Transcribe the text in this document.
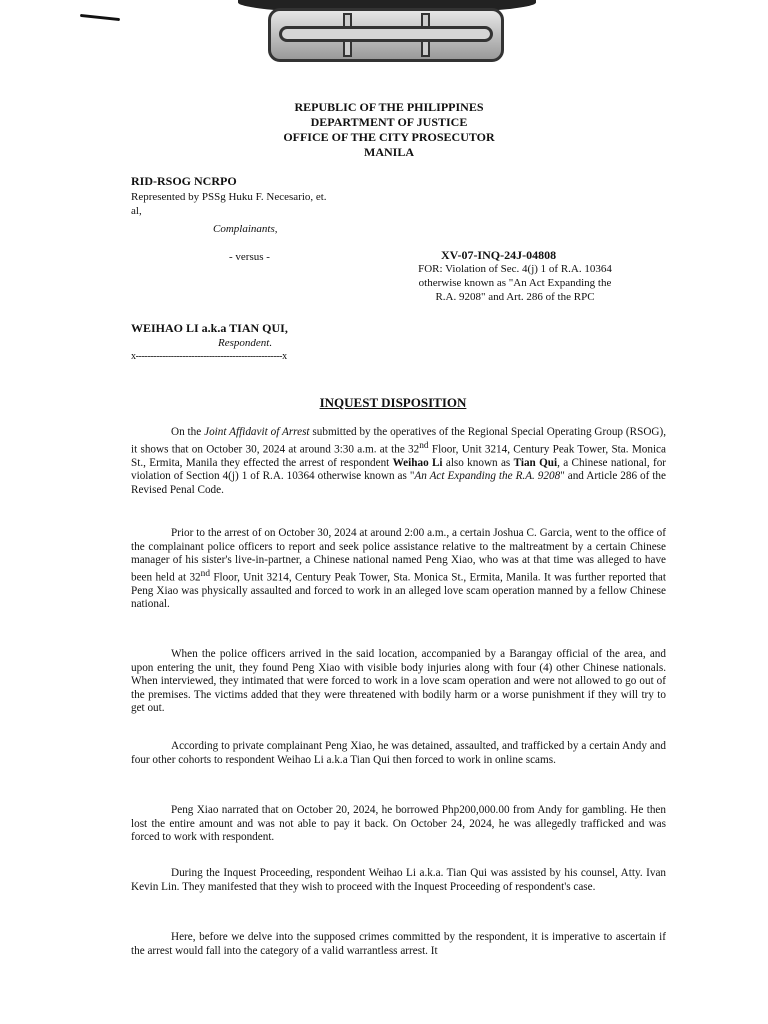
REPUBLIC OF THE PHILIPPINES
DEPARTMENT OF JUSTICE
OFFICE OF THE CITY PROSECUTOR
MANILA
RID-RSOG NCRPO
Represented by PSSg Huku F. Necesario, et.
al,
Complainants,
- versus -	XV-07-INQ-24J-04808
FOR: Violation of Sec. 4(j) 1 of R.A. 10364
otherwise known as "An Act Expanding the
R.A. 9208" and Art. 286 of the RPC
WEIHAO LI a.k.a TIAN QUI,
Respondent.
x--------------------------------------------------x
INQUEST DISPOSITION
On the Joint Affidavit of Arrest submitted by the operatives of the Regional Special Operating Group (RSOG), it shows that on October 30, 2024 at around 3:30 a.m. at the 32nd Floor, Unit 3214, Century Peak Tower, Sta. Monica St., Ermita, Manila they effected the arrest of respondent Weihao Li also known as Tian Qui, a Chinese national, for violation of Section 4(j) 1 of R.A. 10364 otherwise known as "An Act Expanding the R.A. 9208" and Article 286 of the Revised Penal Code.
Prior to the arrest of on October 30, 2024 at around 2:00 a.m., a certain Joshua C. Garcia, went to the office of the complainant police officers to report and seek police assistance relative to the maltreatment by a certain Chinese manager of his sister's live-in-partner, a Chinese national named Peng Xiao, who was at that time was alleged to have been held at 32nd Floor, Unit 3214, Century Peak Tower, Sta. Monica St., Ermita, Manila. It was further reported that Peng Xiao was physically assaulted and forced to work in an alleged love scam operation manned by a fellow Chinese national.
When the police officers arrived in the said location, accompanied by a Barangay official of the area, and upon entering the unit, they found Peng Xiao with visible body injuries along with four (4) other Chinese nationals. When interviewed, they intimated that were forced to work in a love scam operation and were not allowed to go out of the premises. The victims added that they were threatened with bodily harm or a worse punishment if they will try to get out.
According to private complainant Peng Xiao, he was detained, assaulted, and trafficked by a certain Andy and four other cohorts to respondent Weihao Li a.k.a Tian Qui then forced to work in online scams.
Peng Xiao narrated that on October 20, 2024, he borrowed Php200,000.00 from Andy for gambling. He then lost the entire amount and was not able to pay it back. On October 24, 2024, he was allegedly trafficked and was forced to work with respondent.
During the Inquest Proceeding, respondent Weihao Li a.k.a. Tian Qui was assisted by his counsel, Atty. Ivan Kevin Lin. They manifested that they wish to proceed with the Inquest Proceeding of respondent's case.
Here, before we delve into the supposed crimes committed by the respondent, it is imperative to ascertain if the arrest would fall into the category of a valid warrantless arrest. It
